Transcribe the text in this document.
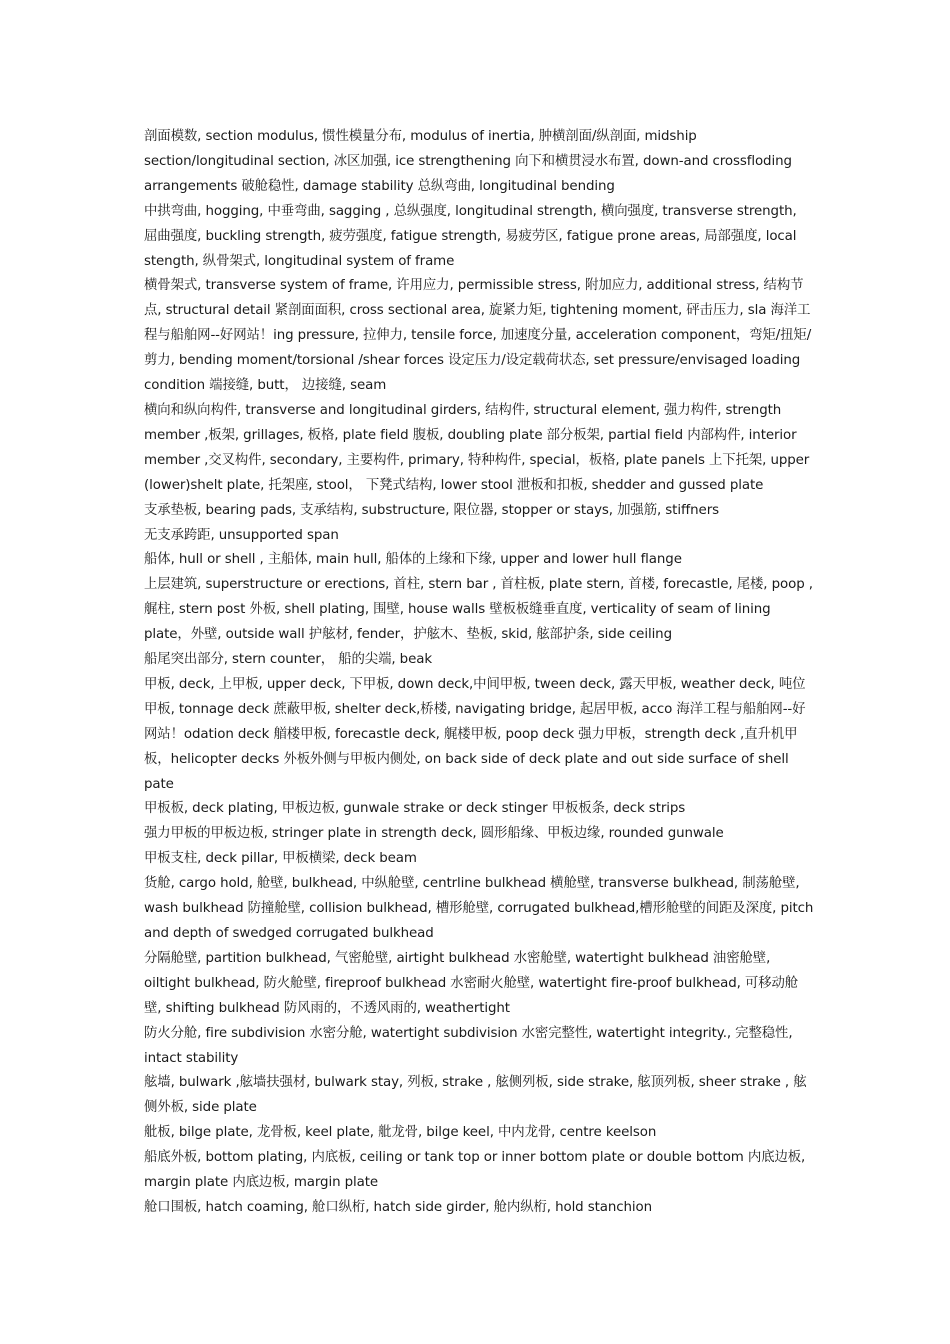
剖面模数, section modulus, 惯性模量分布, modulus of inertia, 肿横剖面/纵剖面, midship section/longitudinal section, 冰区加强, ice strengthening 向下和横贯浸水布置, down-and crossfloding arrangements 破舱稳性, damage stability 总纵弯曲, longitudinal bending

中拱弯曲, hogging, 中垂弯曲, sagging , 总纵强度, longitudinal strength, 横向强度, transverse strength, 屈曲强度, buckling strength, 疲劳强度, fatigue strength, 易疲劳区, fatigue prone areas, 局部强度, local stength, 纵骨架式, longitudinal system of frame

横骨架式, transverse system of frame, 许用应力, permissible stress, 附加应力, additional stress, 结构节点, structural detail 紧剖面面积, cross sectional area, 旋紧力矩, tightening moment, 砰击压力, sla 海洋工程与船舶网--好网站！ing pressure, 拉伸力, tensile force, 加速度分量, acceleration component，弯矩/扭矩/剪力, bending moment/torsional /shear forces 设定压力/设定载荷状态, set pressure/envisaged loading condition 端接缝, butt， 边接缝, seam

横向和纵向构件, transverse and longitudinal girders, 结构件, structural element, 强力构件, strength member ,板架, grillages, 板格, plate field 腹板, doubling plate 部分板架, partial field 内部构件, interior member ,交叉构件, secondary, 主要构件, primary, 特种构件, special，板格, plate panels 上下托架, upper (lower)shelt plate, 托架座, stool， 下凳式结构, lower stool 泄板和扣板, shedder and gussed plate

支承垫板, bearing pads, 支承结构, substructure, 限位器, stopper or stays, 加强筋, stiffners

无支承跨距, unsupported span

船体, hull or shell , 主船体, main hull, 船体的上缘和下缘, upper and lower hull flange

上层建筑, superstructure or erections, 首柱, stern bar , 首柱板, plate stern, 首楼, forecastle, 尾楼, poop , 艉柱, stern post 外板, shell plating, 围壁, house walls 壁板板缝垂直度, verticality of seam of lining plate，外壁, outside wall 护舷材, fender，护舷木、垫板, skid, 舷部护条, side ceiling

船尾突出部分, stern counter， 船的尖端, beak

甲板, deck, 上甲板, upper deck, 下甲板, down deck,中间甲板, tween deck, 露天甲板, weather deck, 吨位甲板, tonnage deck 蔗蔽甲板, shelter deck,桥楼, navigating bridge, 起居甲板, acco 海洋工程与船舶网--好网站！odation deck 艏楼甲板, forecastle deck, 艉楼甲板, poop deck 强力甲板，strength deck ,直升机甲板，helicopter decks 外板外侧与甲板内侧处, on back side of deck plate and out side surface of shell pate

甲板板, deck plating, 甲板边板, gunwale strake or deck stinger 甲板板条, deck strips

强力甲板的甲板边板, stringer plate in strength deck, 圆形船缘、甲板边缘, rounded gunwale

甲板支柱, deck pillar, 甲板横梁, deck beam

货舱, cargo hold, 舱壁, bulkhead, 中纵舱壁, centrline bulkhead 横舱壁, transverse bulkhead, 制荡舱壁, wash bulkhead 防撞舱壁, collision bulkhead, 槽形舱壁, corrugated bulkhead,槽形舱壁的间距及深度, pitch and depth of swedged corrugated bulkhead

分隔舱壁, partition bulkhead, 气密舱壁, airtight bulkhead 水密舱壁, watertight bulkhead 油密舱壁, oiltight bulkhead, 防火舱壁, fireproof bulkhead 水密耐火舱壁, watertight fire-proof bulkhead, 可移动舱壁, shifting bulkhead 防风雨的，不透风雨的, weathertight

防火分舱, fire subdivision 水密分舱, watertight subdivision 水密完整性, watertight integrity., 完整稳性, intact stability

舷墙, bulwark ,舷墙扶强材, bulwark stay, 列板, strake , 舷侧列板, side strake, 舷顶列板, sheer strake , 舷侧外板, side plate

舭板, bilge plate, 龙骨板, keel plate, 舭龙骨, bilge keel, 中内龙骨, centre keelson

船底外板, bottom plating, 内底板, ceiling or tank top or inner bottom plate or double bottom 内底边板, margin plate 内底边板, margin plate

舱口围板, hatch coaming, 舱口纵桁, hatch side girder, 舱内纵桁, hold stanchion
